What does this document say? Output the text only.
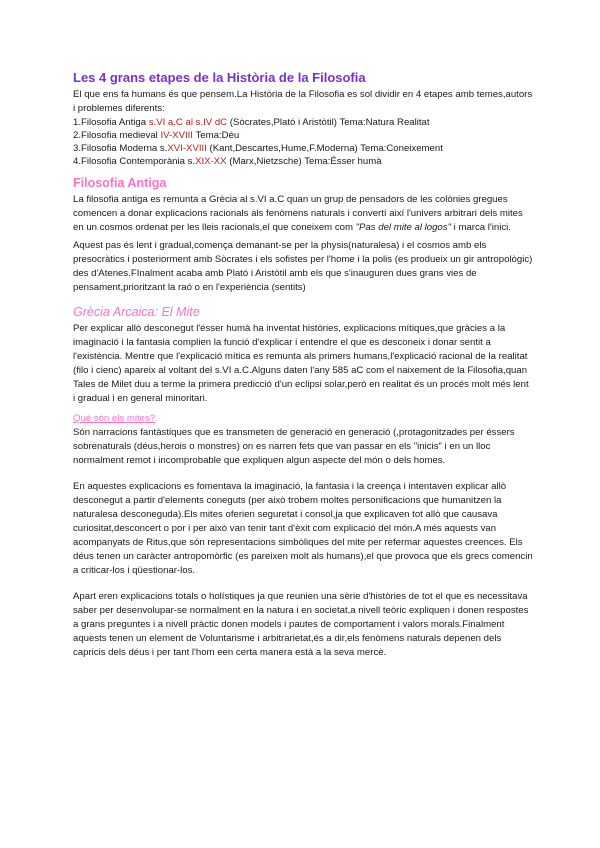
Les 4 grans etapes de la Història de la Filosofia

El que ens fa humans és que pensem.La Història de la Filosofia es sol dividir en 4 etapes amb temes,autors i problemes diferents:

1.Filosofia Antiga s.VI a.C al s.IV dC (Sòcrates,Plató i Aristòtil) Tema:Natura Realitat

2.Filosofia medieval IV-XVIII Tema:Déu

3.Filosofia Moderna s.XVI-XVIII (Kant,Descartes,Hume,F.Moderna) Tema:Coneixement

4.Filosofia Contemporània s.XIX-XX (Marx,Nietzsche) Tema:Ésser humà

Filosofia Antiga

La filosofia antiga es remunta a Grècia al s.VI a.C quan un grup de pensadors de les colònies gregues comencen a donar explicacions racionals als fenòmens naturals i convertí així l'univers arbitrari dels mites en un cosmos ordenat per les lleis racionals,el que coneixem com "Pas del mite al logos" i marca l'inici.

Aquest pas és lent i gradual,comença demanant-se per la physis(naturalesa) i el cosmos amb els presocràtics i posteriorment amb Sòcrates i els sofistes per l'home i la polis (es produeix un gir antropològic) des d'Atenes.FInalment acaba amb Plató i Aristòtil amb els que s'inauguren dues grans vies de pensament,prioritzant la raó o en l'experiència (sentits)

Grècia Arcaica: El Mite

Per explicar allò desconegut l'ésser humà ha inventat històries, explicacions mítiques,que gràcies a la imaginació i la fantasia complien la funció d'explicar i entendre el que es desconeix i donar sentit a l'existència. Mentre que l'explicació mítica es remunta als primers humans,l'explicació racional de la realitat (filo i cienc) apareix al voltant del s.VI a.C.Alguns daten l'any 585 aC com el naixement de la Filosofia,quan Tales de Milet duu a terme la primera predicció d'un eclipsi solar,però en realitat és un procés molt més lent i gradual i en general minoritari.

Què són els mites?

Són narracions fantàstiques que es transmeten de generació en generació (,protagonitzades per éssers sobrenaturals (déus,herois o monstres) on es narren fets que van passar en els "inicis" i en un lloc normalment remot i incomprobable que expliquen algun aspecte del món o dels homes.

En aquestes explicacions es fomentava la imaginació, la fantasia i la creença i intentaven explicar allò desconegut a partir d'elements coneguts (per això trobem moltes personificacions que humanitzen la naturalesa desconeguda).Els mites oferien seguretat i consol,ja que explicaven tot allò que causava curiositat,desconcert o por i per això van tenir tant d'èxit com explicació del món.A més aquests van acompanyats de Ritus,que són representacions simbòliques del mite per refermar aquestes creences. Els déus tenen un caràcter antropomòrfic (es pareixen molt als humans),el que provoca que els grecs comencin a criticar-los i qüestionar-los.

Apart eren explicacions totals o holístiques ja que reunien una sèrie d'històries de tot el que es necessitava saber per desenvolupar-se normalment en la natura i en societat,a nivell teòric expliquen i donen respostes a grans preguntes i a nivell pràctic donen models i pautes de comportament i valors morals.Finalment aquests tenen un element de Voluntarisme i arbitrarietat,és a dir,els fenòmens naturals depenen dels capricis dels déus i per tant l'hom een certa manera està a la seva mercè.
